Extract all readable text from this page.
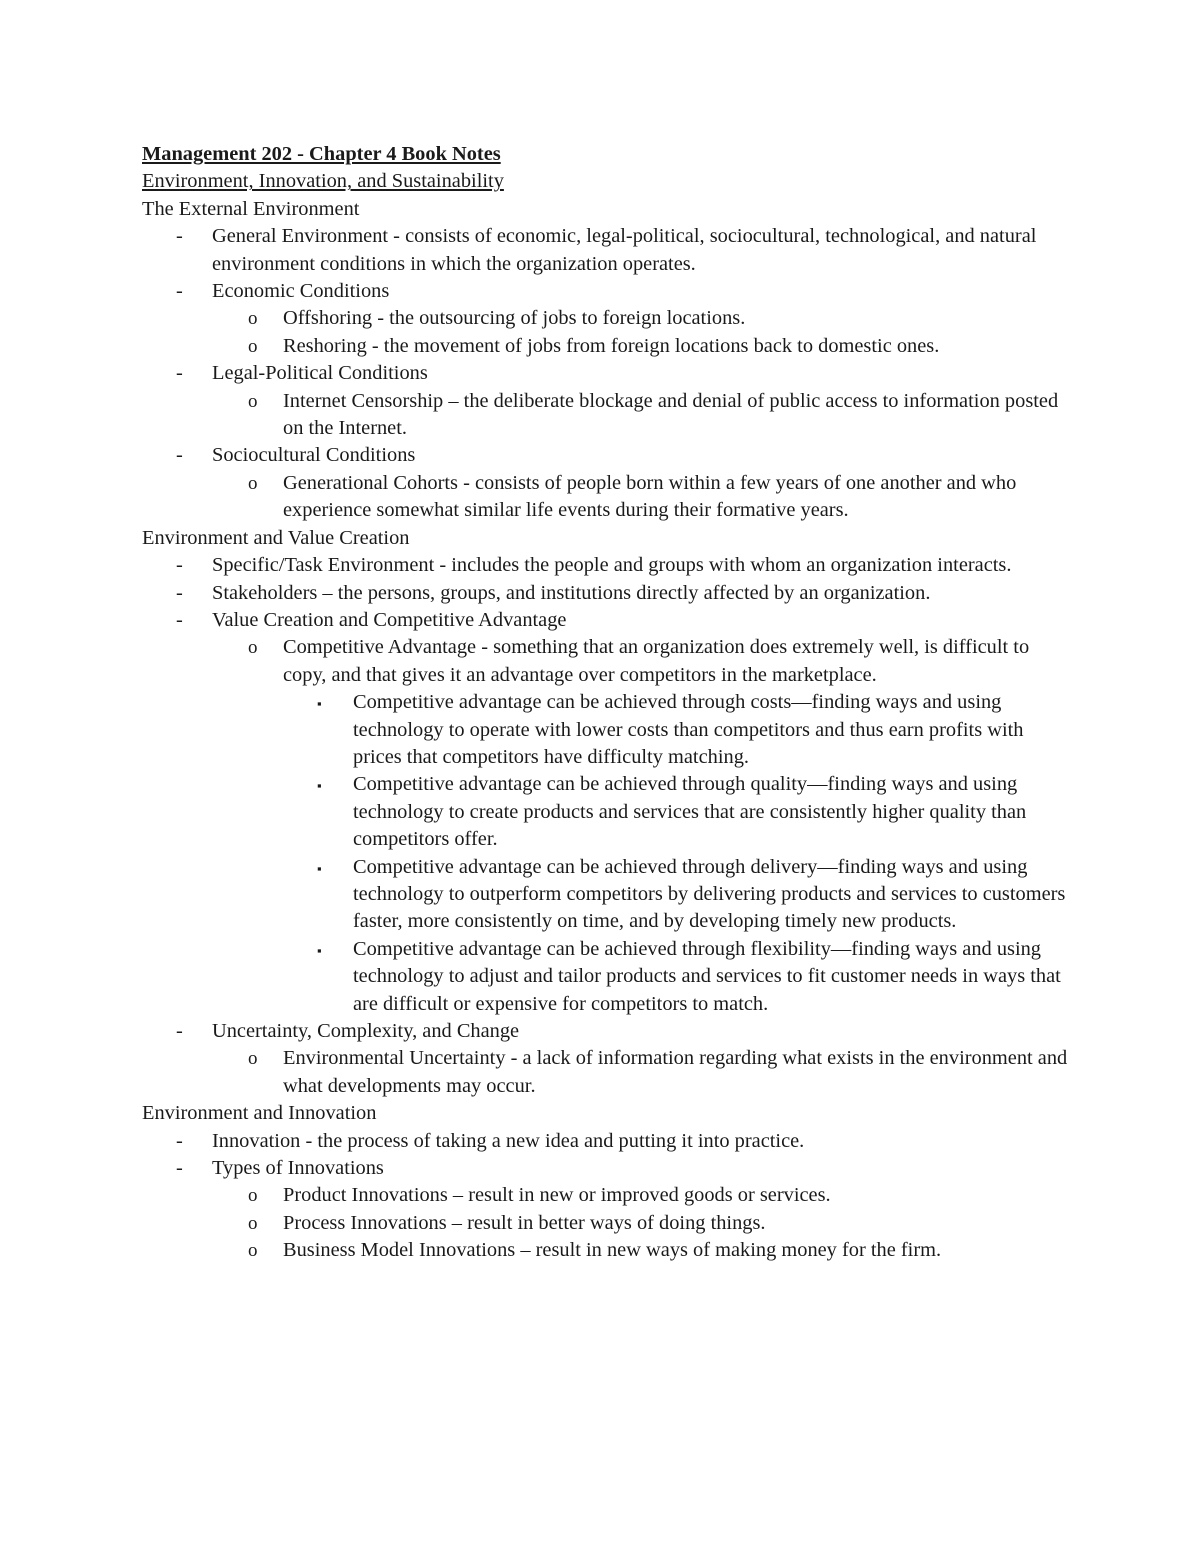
Management 202 - Chapter 4 Book Notes

Environment, Innovation, and Sustainability

The External Environment
- General Environment - consists of economic, legal-political, sociocultural, technological, and natural environment conditions in which the organization operates.
- Economic Conditions
o Offshoring - the outsourcing of jobs to foreign locations.
o Reshoring - the movement of jobs from foreign locations back to domestic ones.
- Legal-Political Conditions
o Internet Censorship – the deliberate blockage and denial of public access to information posted on the Internet.
- Sociocultural Conditions
o Generational Cohorts - consists of people born within a few years of one another and who experience somewhat similar life events during their formative years.
Environment and Value Creation
- Specific/Task Environment - includes the people and groups with whom an organization interacts.
- Stakeholders – the persons, groups, and institutions directly affected by an organization.
- Value Creation and Competitive Advantage
o Competitive Advantage - something that an organization does extremely well, is difficult to copy, and that gives it an advantage over competitors in the marketplace.
▪ Competitive advantage can be achieved through costs—finding ways and using technology to operate with lower costs than competitors and thus earn profits with prices that competitors have difficulty matching.
▪ Competitive advantage can be achieved through quality—finding ways and using technology to create products and services that are consistently higher quality than competitors offer.
▪ Competitive advantage can be achieved through delivery—finding ways and using technology to outperform competitors by delivering products and services to customers faster, more consistently on time, and by developing timely new products.
▪ Competitive advantage can be achieved through flexibility—finding ways and using technology to adjust and tailor products and services to fit customer needs in ways that are difficult or expensive for competitors to match.
- Uncertainty, Complexity, and Change
o Environmental Uncertainty - a lack of information regarding what exists in the environment and what developments may occur.
Environment and Innovation
- Innovation - the process of taking a new idea and putting it into practice.
- Types of Innovations
o Product Innovations – result in new or improved goods or services.
o Process Innovations – result in better ways of doing things.
o Business Model Innovations – result in new ways of making money for the firm.
